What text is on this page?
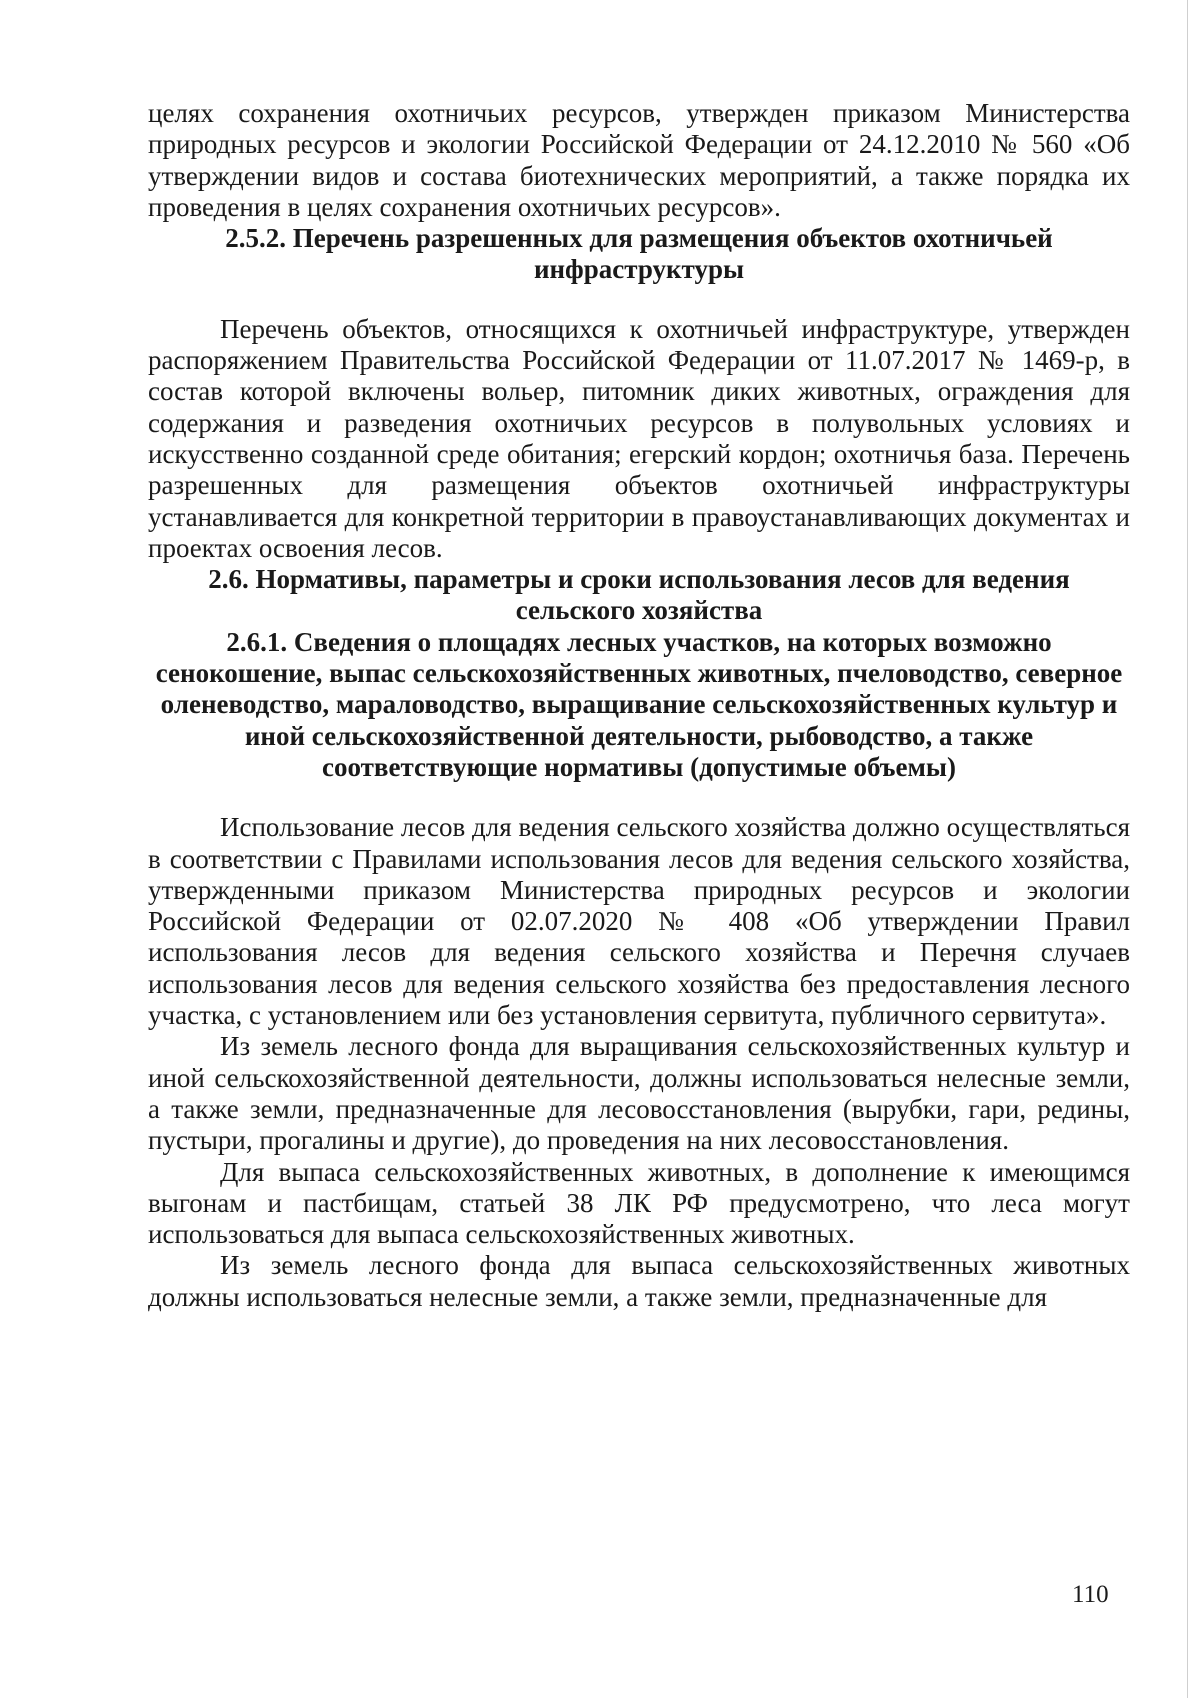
целях сохранения охотничьих ресурсов, утвержден приказом Министерства природных ресурсов и экологии Российской Федерации от 24.12.2010 № 560 «Об утверждении видов и состава биотехнических мероприятий, а также порядка их проведения в целях сохранения охотничьих ресурсов».

2.5.2. Перечень разрешенных для размещения объектов охотничьей инфраструктуры

Перечень объектов, относящихся к охотничьей инфраструктуре, утвержден распоряжением Правительства Российской Федерации от 11.07.2017 № 1469-р, в состав которой включены вольер, питомник диких животных, ограждения для содержания и разведения охотничьих ресурсов в полувольных условиях и искусственно созданной среде обитания; егерский кордон; охотничья база. Перечень разрешенных для размещения объектов охотничьей инфраструктуры устанавливается для конкретной территории в правоустанавливающих документах и проектах освоения лесов.

2.6. Нормативы, параметры и сроки использования лесов для ведения сельского хозяйства

2.6.1. Сведения о площадях лесных участков, на которых возможно сенокошение, выпас сельскохозяйственных животных, пчеловодство, северное оленеводство, мараловодство, выращивание сельскохозяйственных культур и иной сельскохозяйственной деятельности, рыбоводство, а также соответствующие нормативы (допустимые объемы)

Использование лесов для ведения сельского хозяйства должно осуществляться в соответствии с Правилами использования лесов для ведения сельского хозяйства, утвержденными приказом Министерства природных ресурсов и экологии Российской Федерации от 02.07.2020 № 408 «Об утверждении Правил использования лесов для ведения сельского хозяйства и Перечня случаев использования лесов для ведения сельского хозяйства без предоставления лесного участка, с установлением или без установления сервитута, публичного сервитута».

Из земель лесного фонда для выращивания сельскохозяйственных культур и иной сельскохозяйственной деятельности, должны использоваться нелесные земли, а также земли, предназначенные для лесовосстановления (вырубки, гари, редины, пустыри, прогалины и другие), до проведения на них лесовосстановления.

Для выпаса сельскохозяйственных животных, в дополнение к имеющимся выгонам и пастбищам, статьей 38 ЛК РФ предусмотрено, что леса могут использоваться для выпаса сельскохозяйственных животных.

Из земель лесного фонда для выпаса сельскохозяйственных животных должны использоваться нелесные земли, а также земли, предназначенные для

110
